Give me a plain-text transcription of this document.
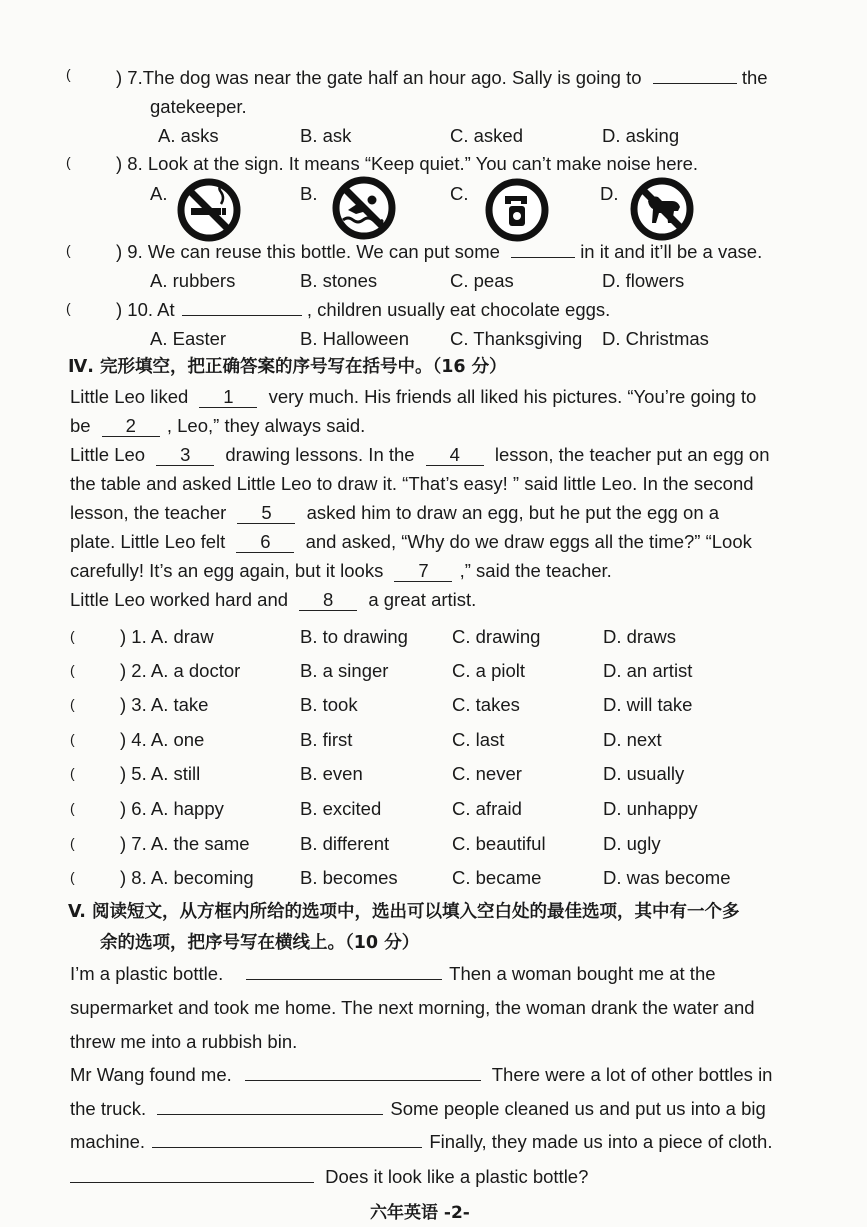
( ) 7.The dog was near the gate half an hour ago. Sally is going to	the
gatekeeper.
A. asks	B. ask	C. asked	D. asking
( ) 8. Look at the sign. It means “Keep quiet.” You can’t make noise here.
A.	B.	C.	D.
( ) 9. We can reuse this bottle. We can put some	in it and it’ll be a vase.
A. rubbers	B. stones	C. peas	D. flowers
( ) 10. At	, children usually eat chocolate eggs.
A. Easter	B. Halloween C. Thanksgiving D. Christmas
Ⅳ. 完形填空，把正确答案的序号写在括号中。（16 分）
Little Leo liked 1 very much. His friends all liked his pictures. “You’re going to
be 2 , Leo,” they always said.
Little Leo 3 drawing lessons. In the 4 lesson, the teacher put an egg on
the table and asked Little Leo to draw it. “That’s easy! ” said little Leo. In the second
lesson, the teacher 5 asked him to draw an egg, but he put the egg on a
plate. Little Leo felt 6 and asked, “Why do we draw eggs all the time?” “Look
carefully! It’s an egg again, but it looks 7 ,” said the teacher.
Little Leo worked hard and 8 a great artist.
( ) 1. A. draw	B. to drawing C. drawing	D. draws
( ) 2. A. a doctor	B. a singer	C. a piolt	D. an artist
( ) 3. A. take	B. took	C. takes	D. will take
( ) 4. A. one	B. first	C. last	D. next
( ) 5. A. still	B. even	C. never	D. usually
( ) 6. A. happy	B. excited	C. afraid	D. unhappy
( ) 7. A. the same	B. different	C. beautiful	D. ugly
( ) 8. A. becoming	B. becomes	C. became	D. was become
V. 阅读短文，从方框内所给的选项中，选出可以填入空白处的最佳选项，其中有一个多
余的选项，把序号写在横线上。（10 分）
I’m a plastic bottle.	Then a woman bought me at the
supermarket and took me home. The next morning, the woman drank the water and
threw me into a rubbish bin.
Mr Wang found me.	There were a lot of other bottles in
the truck.	Some people cleaned us and put us into a big
machine.	Finally, they made us into a piece of cloth.
Does it look like a plastic bottle?
六年英语 -2-
